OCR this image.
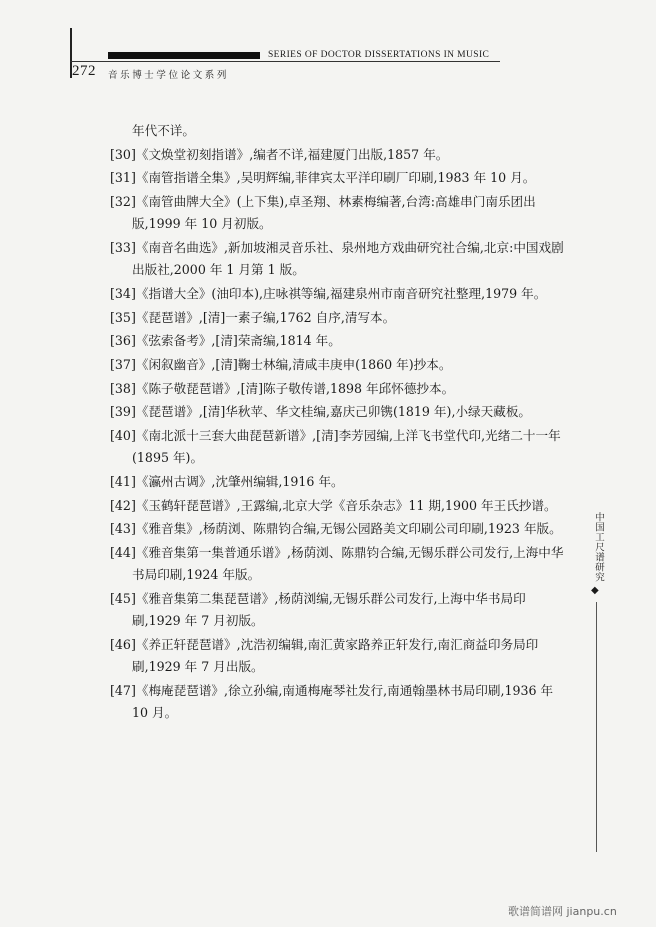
SERIES OF DOCTOR DISSERTATIONS IN MUSIC
272 音乐博士学位论文系列

年代不详。

[30]《文焕堂初刻指谱》,编者不详,福建厦门出版,1857 年。

[31]《南管指谱全集》,吴明辉编,菲律宾太平洋印刷厂印刷,1983 年 10 月。

[32]《南管曲牌大全》(上下集),卓圣翔、林素梅编著,台湾:高雄串门南乐团出版,1999 年 10 月初版。

[33]《南音名曲选》,新加坡湘灵音乐社、泉州地方戏曲研究社合编,北京:中国戏剧出版社,2000 年 1 月第 1 版。

[34]《指谱大全》(油印本),庄咏祺等编,福建泉州市南音研究社整理,1979 年。

[35]《琵琶谱》,[清]一素子编,1762 自序,清写本。

[36]《弦索备考》,[清]荣斋编,1814 年。

[37]《闲叙幽音》,[清]鞠士林编,清咸丰庚申(1860 年)抄本。

[38]《陈子敬琵琶谱》,[清]陈子敬传谱,1898 年邱怀德抄本。

[39]《琵琶谱》,[清]华秋苹、华文桂编,嘉庆己卯镌(1819 年),小绿天藏板。

[40]《南北派十三套大曲琵琶新谱》,[清]李芳园编,上洋飞书堂代印,光绪二十一年(1895 年)。

[41]《瀛州古调》,沈肇州编辑,1916 年。

[42]《玉鹤轩琵琶谱》,王露编,北京大学《音乐杂志》11 期,1900 年王氏抄谱。

[43]《雅音集》,杨荫浏、陈鼎钧合编,无锡公园路美文印刷公司印刷,1923 年版。

[44]《雅音集第一集普通乐谱》,杨荫浏、陈鼎钧合编,无锡乐群公司发行,上海中华书局印刷,1924 年版。

[45]《雅音集第二集琵琶谱》,杨荫浏编,无锡乐群公司发行,上海中华书局印刷,1929 年 7 月初版。

[46]《养正轩琵琶谱》,沈浩初编辑,南汇黄家路养正轩发行,南汇商益印务局印刷,1929 年 7 月出版。

[47]《梅庵琵琶谱》,徐立孙编,南通梅庵琴社发行,南通翰墨林书局印刷,1936 年 10 月。

中国工尺谱研究
◆
歌谱简谱网 jianpu.cn
